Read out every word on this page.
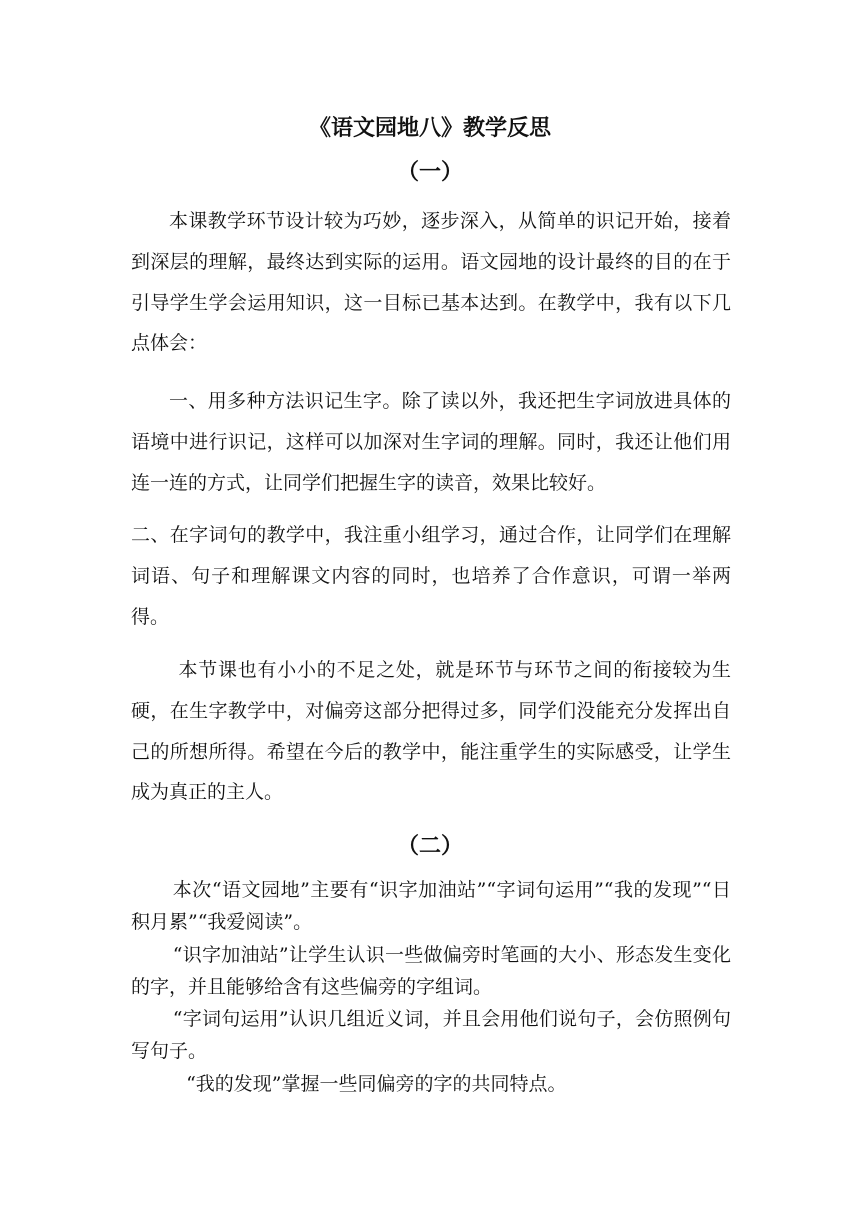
《语文园地八》教学反思
（一）
本课教学环节设计较为巧妙，逐步深入，从简单的识记开始，接着到深层的理解，最终达到实际的运用。语文园地的设计最终的目的在于引导学生学会运用知识，这一目标已基本达到。在教学中，我有以下几点体会：
一、用多种方法识记生字。除了读以外，我还把生字词放进具体的语境中进行识记，这样可以加深对生字词的理解。同时，我还让他们用连一连的方式，让同学们把握生字的读音，效果比较好。
二、在字词句的教学中，我注重小组学习，通过合作，让同学们在理解词语、句子和理解课文内容的同时，也培养了合作意识，可谓一举两得。
本节课也有小小的不足之处，就是环节与环节之间的衔接较为生硬，在生字教学中，对偏旁这部分把得过多，同学们没能充分发挥出自己的所想所得。希望在今后的教学中，能注重学生的实际感受，让学生成为真正的主人。
（二）
本次“语文园地”主要有“识字加油站”“字词句运用”“我的发现”“日积月累”“我爱阅读”。
“识字加油站”让学生认识一些做偏旁时笔画的大小、形态发生变化的字，并且能够给含有这些偏旁的字组词。
“字词句运用”认识几组近义词，并且会用他们说句子，会仿照例句写句子。
“我的发现”掌握一些同偏旁的字的共同特点。
